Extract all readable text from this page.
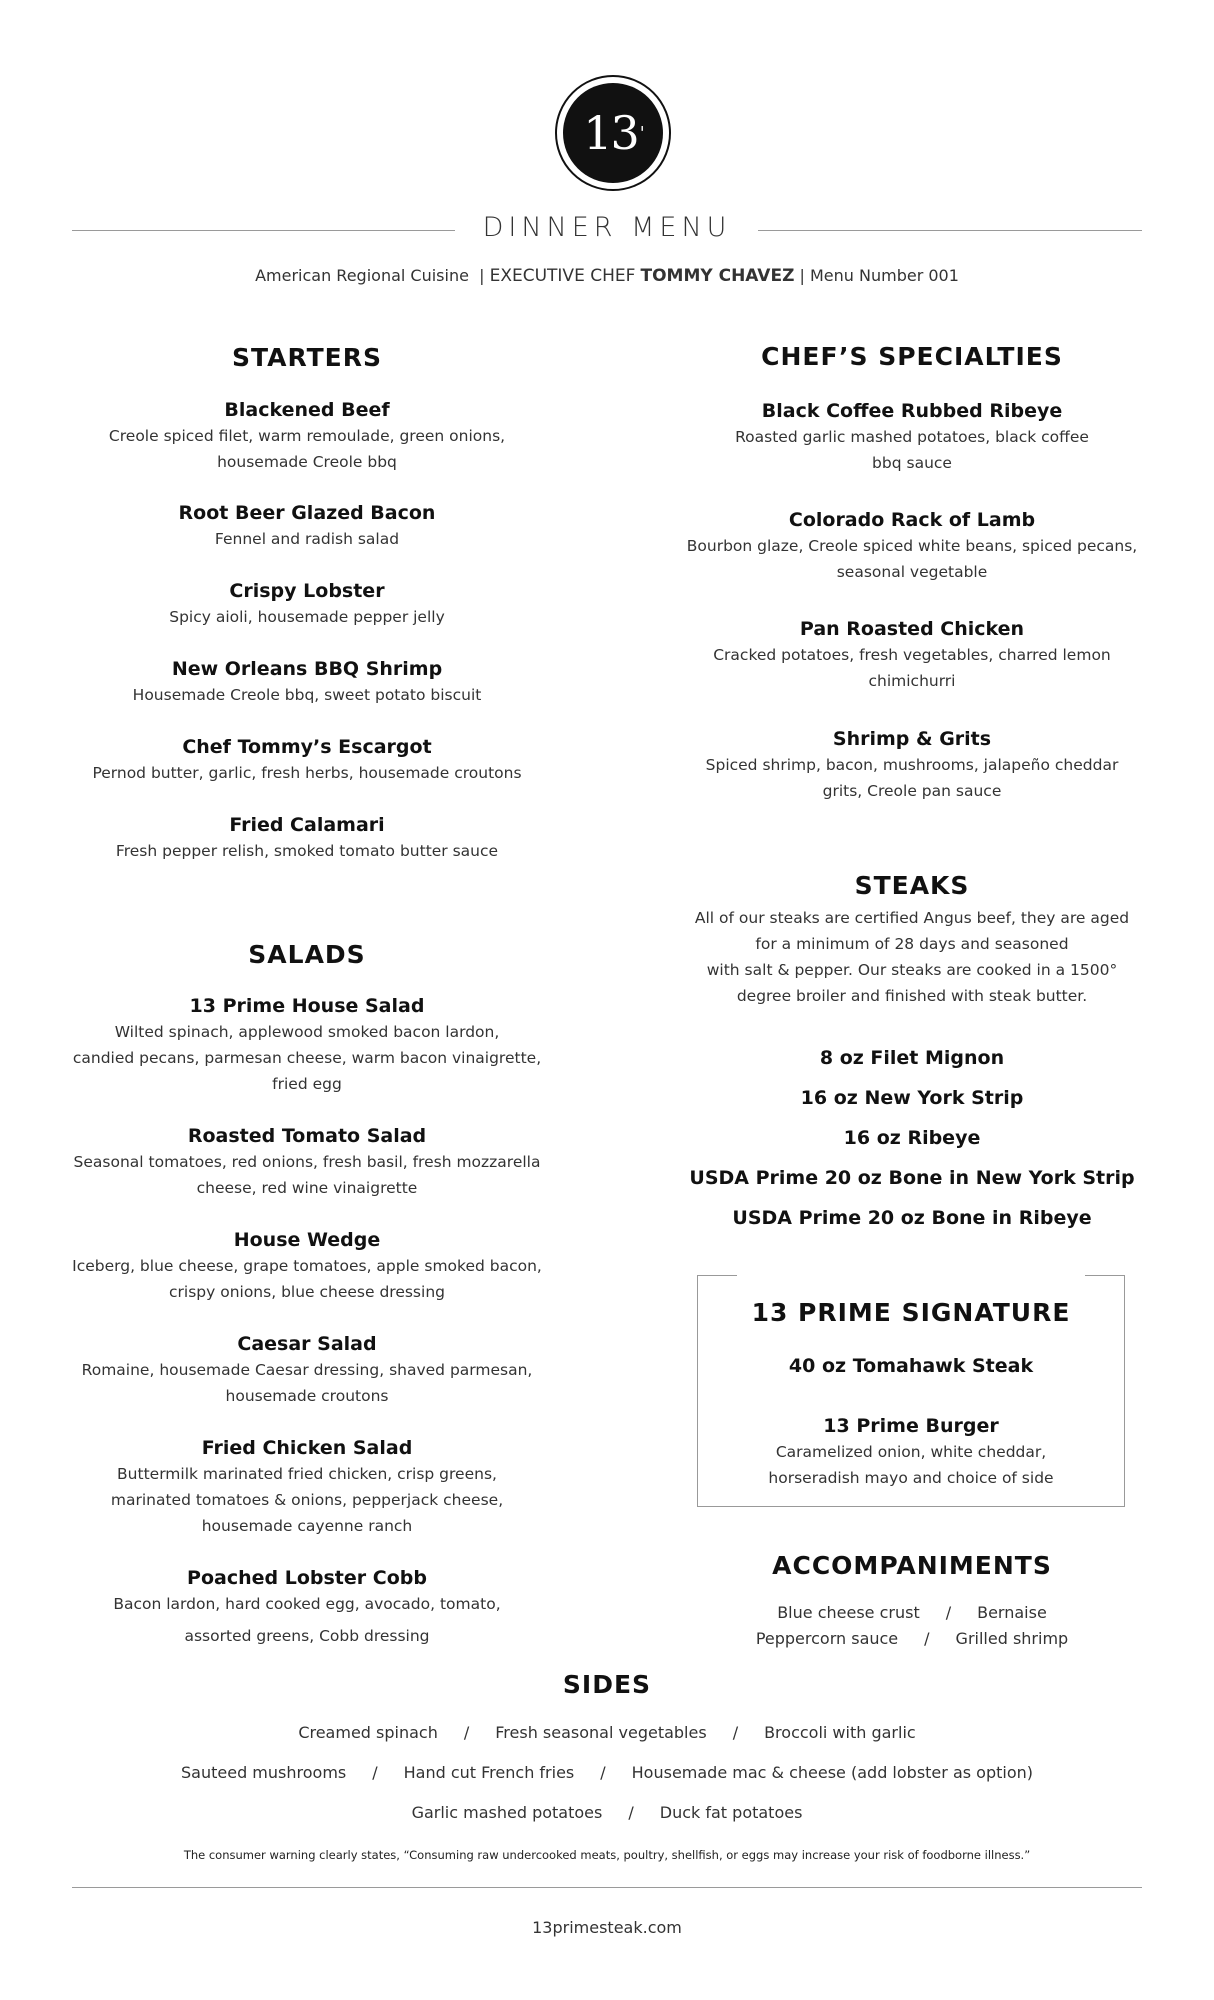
13 '
DINNER MENU
American Regional Cuisine | EXECUTIVE CHEF TOMMY CHAVEZ | Menu Number 001
STARTERS
Blackened Beef
Creole spiced filet, warm remoulade, green onions,
housemade Creole bbq
Root Beer Glazed Bacon
Fennel and radish salad
Crispy Lobster
Spicy aioli, housemade pepper jelly
New Orleans BBQ Shrimp
Housemade Creole bbq, sweet potato biscuit
Chef Tommy’s Escargot
Pernod butter, garlic, fresh herbs, housemade croutons
Fried Calamari
Fresh pepper relish, smoked tomato butter sauce
SALADS
13 Prime House Salad
Wilted spinach, applewood smoked bacon lardon,
candied pecans, parmesan cheese, warm bacon vinaigrette,
fried egg
Roasted Tomato Salad
Seasonal tomatoes, red onions, fresh basil, fresh mozzarella
cheese, red wine vinaigrette
House Wedge
Iceberg, blue cheese, grape tomatoes, apple smoked bacon,
crispy onions, blue cheese dressing
Caesar Salad
Romaine, housemade Caesar dressing, shaved parmesan,
housemade croutons
Fried Chicken Salad
Buttermilk marinated fried chicken, crisp greens,
marinated tomatoes & onions, pepperjack cheese,
housemade cayenne ranch
Poached Lobster Cobb
Bacon lardon, hard cooked egg, avocado, tomato,
assorted greens, Cobb dressing
CHEF’S SPECIALTIES
Black Coffee Rubbed Ribeye
Roasted garlic mashed potatoes, black coffee
bbq sauce
Colorado Rack of Lamb
Bourbon glaze, Creole spiced white beans, spiced pecans,
seasonal vegetable
Pan Roasted Chicken
Cracked potatoes, fresh vegetables, charred lemon
chimichurri
Shrimp & Grits
Spiced shrimp, bacon, mushrooms, jalapeño cheddar
grits, Creole pan sauce
STEAKS
All of our steaks are certified Angus beef, they are aged
for a minimum of 28 days and seasoned
with salt & pepper. Our steaks are cooked in a 1500°
degree broiler and finished with steak butter.
8 oz Filet Mignon
16 oz New York Strip
16 oz Ribeye
USDA Prime 20 oz Bone in New York Strip
USDA Prime 20 oz Bone in Ribeye
13 PRIME SIGNATURE
40 oz Tomahawk Steak
13 Prime Burger
Caramelized onion, white cheddar,
horseradish mayo and choice of side
ACCOMPANIMENTS
Blue cheese crust / Bernaise
Peppercorn sauce / Grilled shrimp
SIDES
Creamed spinach / Fresh seasonal vegetables / Broccoli with garlic
Sauteed mushrooms / Hand cut French fries / Housemade mac & cheese (add lobster as option)
Garlic mashed potatoes / Duck fat potatoes
The consumer warning clearly states, “Consuming raw undercooked meats, poultry, shellfish, or eggs may increase your risk of foodborne illness.”
13primesteak.com
